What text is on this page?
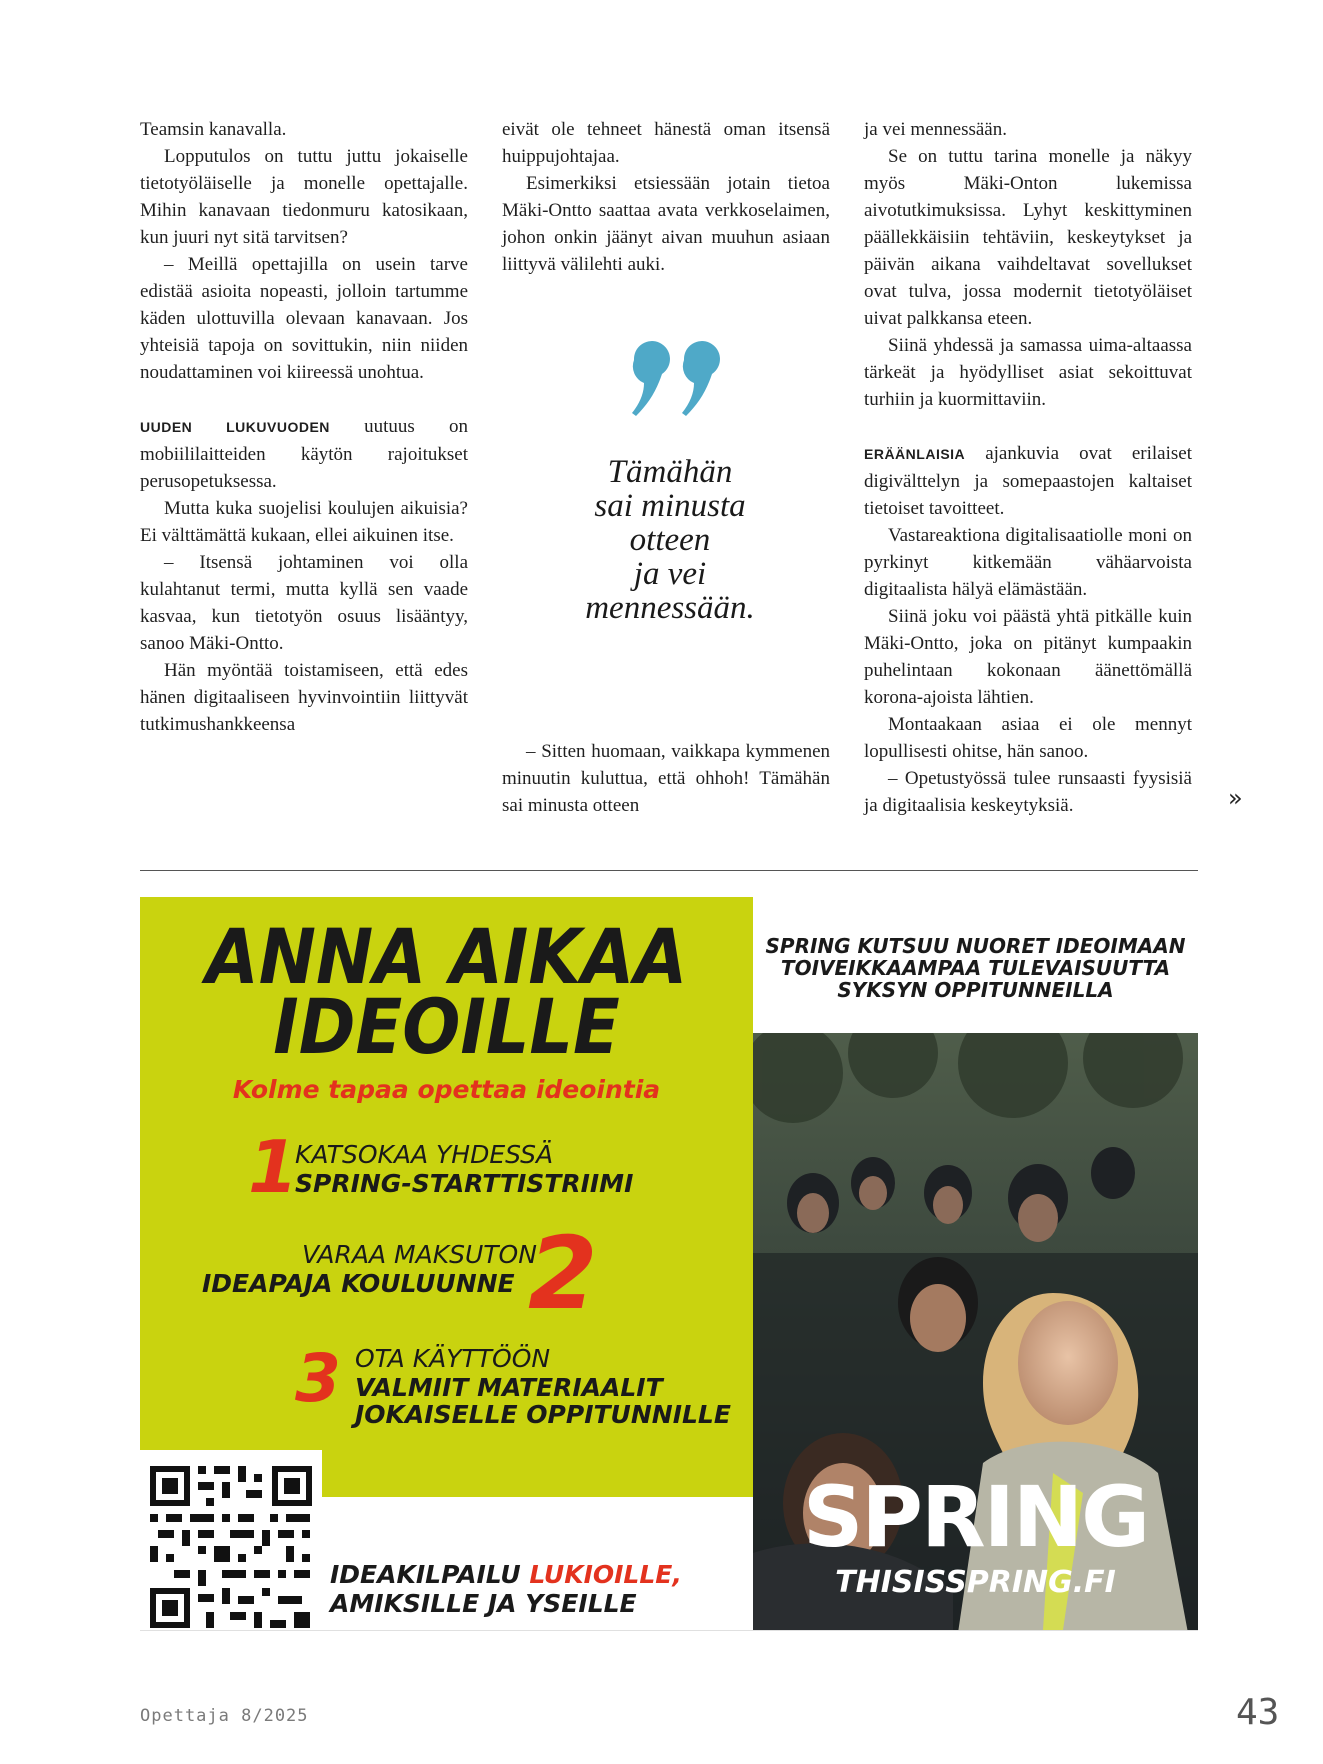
Teamsin kanavalla.

Lopputulos on tuttu juttu jokaiselle tietotyöläiselle ja monelle opettajalle. Mihin kanavaan tiedonmuru katosikaan, kun juuri nyt sitä tarvitsen?

– Meillä opettajilla on usein tarve edistää asioita nopeasti, jolloin tartumme käden ulottuvilla olevaan kanavaan. Jos yhteisiä tapoja on sovittukin, niin niiden noudattaminen voi kiireessä unohtua.

UUDEN LUKUVUODEN uutuus on mobiililaitteiden käytön rajoitukset perusopetuksessa.

Mutta kuka suojelisi koulujen aikuisia? Ei välttämättä kukaan, ellei aikuinen itse.

– Itsensä johtaminen voi olla kulahtanut termi, mutta kyllä sen vaade kasvaa, kun tietotyön osuus lisääntyy, sanoo Mäki-Ontto.

Hän myöntää toistamiseen, että edes hänen digitaaliseen hyvinvointiin liittyvät tutkimushankkeensa

eivät ole tehneet hänestä oman itsensä huippujohtajaa.

Esimerkiksi etsiessään jotain tietoa Mäki-Ontto saattaa avata verkkoselaimen, johon onkin jäänyt aivan muuhun asiaan liittyvä välilehti auki.

– Sitten huomaan, vaikkapa kymmenen minuutin kuluttua, että ohhoh! Tämähän sai minusta otteen

Tämähän
sai minusta
otteen
ja vei
mennessään.

ja vei mennessään.

Se on tuttu tarina monelle ja näkyy myös Mäki-Onton lukemissa aivotutkimuksissa. Lyhyt keskittyminen päällekkäisiin tehtäviin, keskeytykset ja päivän aikana vaihdeltavat sovellukset ovat tulva, jossa modernit tietotyöläiset uivat palkkansa eteen.

Siinä yhdessä ja samassa uima-altaassa tärkeät ja hyödylliset asiat sekoittuvat turhiin ja kuormittaviin.

ERÄÄNLAISIA ajankuvia ovat erilaiset digivälttelyn ja somepaastojen kaltaiset tietoiset tavoitteet.

Vastareaktiona digitalisaatiolle moni on pyrkinyt kitkemään vähäarvoista digitaalista hälyä elämästään.

Siinä joku voi päästä yhtä pitkälle kuin Mäki-Ontto, joka on pitänyt kumpaakin puhelintaan kokonaan äänettömällä korona-ajoista lähtien.

Montaakaan asiaa ei ole mennyt lopullisesti ohitse, hän sanoo.

– Opetustyössä tulee runsaasti fyysisiä ja digitaalisia keskeytyksiä.	»
ANNA AIKAA
IDEOILLE
Kolme tapaa opettaa ideointia
1
KATSOKAA YHDESSÄ
SPRING-STARTTISTRIIMI
VARAA MAKSUTON
IDEAPAJA KOULUUNNE 2
3 OTA KÄYTTÖÖN
VALMIIT MATERIAALIT
JOKAISELLE OPPITUNNILLE
IDEAKILPAILU LUKIOILLE,
AMIKSILLE JA YSEILLE
SPRING KUTSUU NUORET IDEOIMAAN
TOIVEIKKAAMPAA TULEVAISUUTTA
SYKSYN OPPITUNNEILLA
SPRING
THISISSPRING.FI
Opettaja 8/2025	43
